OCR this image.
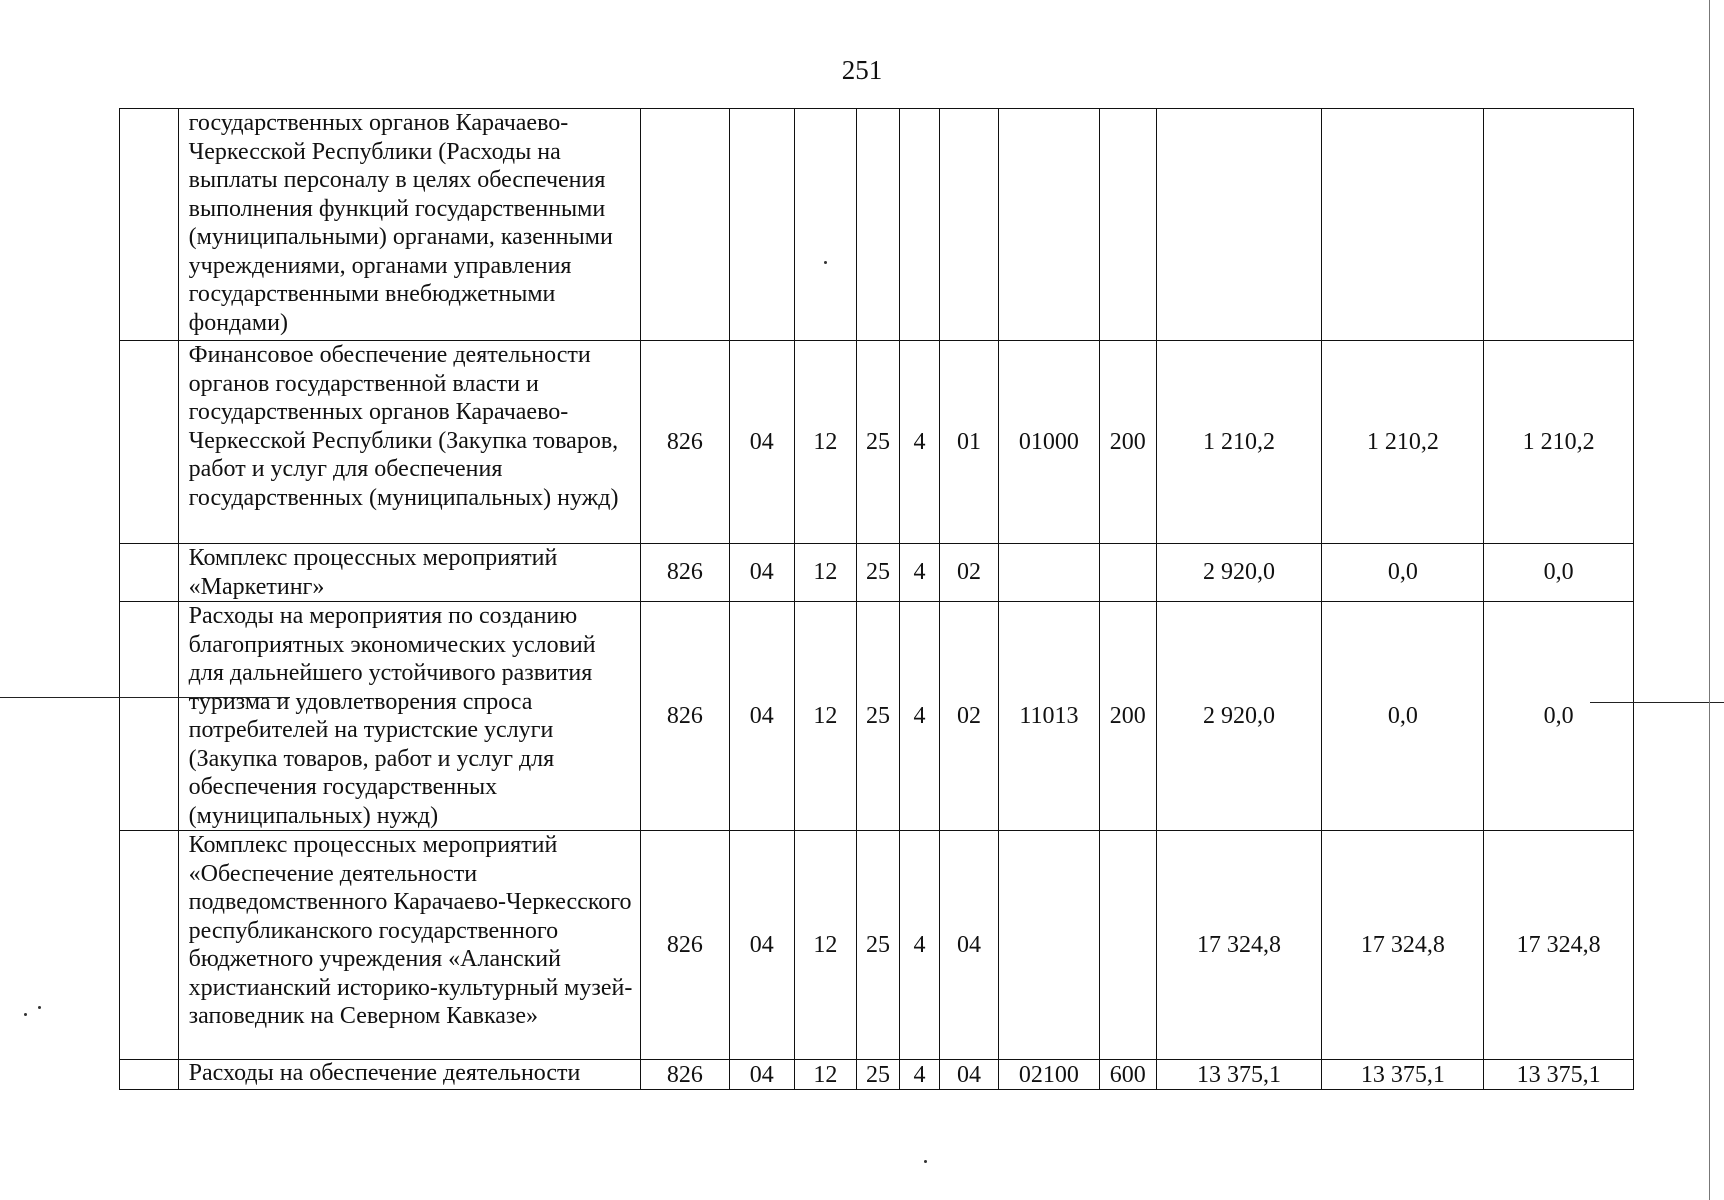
251
	государственных органов Карачаево-Черкесской Республики (Расходы на выплаты персоналу в целях обеспечения выполнения функций государственными (муниципальными) органами, казенными учреждениями, органами управления государственными внебюджетными фондами)											
	Финансовое обеспечение деятельности органов государственной власти и государственных органов Карачаево-Черкесской Республики (Закупка товаров, работ и услуг для обеспечения государственных (муниципальных) нужд)	826	04	12	25	4	01	01000	200	1 210,2	1 210,2	1 210,2
	Комплекс процессных мероприятий «Маркетинг»	826	04	12	25	4	02			2 920,0	0,0	0,0
	Расходы на мероприятия по созданию благоприятных экономических условий для дальнейшего устойчивого развития туризма и удовлетворения спроса потребителей на туристские услуги (Закупка товаров, работ и услуг для обеспечения государственных (муниципальных) нужд)	826	04	12	25	4	02	11013	200	2 920,0	0,0	0,0
	Комплекс процессных мероприятий «Обеспечение деятельности подведомственного Карачаево-Черкесского республиканского государственного бюджетного учреждения «Аланский христианский историко-культурный музей-заповедник на Северном Кавказе»	826	04	12	25	4	04			17 324,8	17 324,8	17 324,8
	Расходы на обеспечение деятельности	826	04	12	25	4	04	02100	600	13 375,1	13 375,1	13 375,1
